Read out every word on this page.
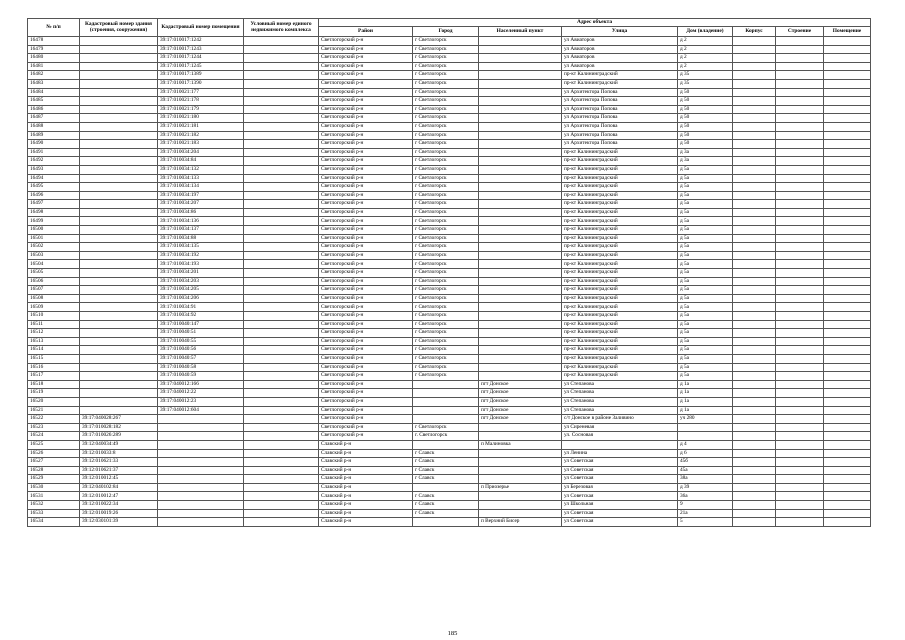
№ п/п	Кадастровый номер здания (строения, сооружения)	Кадастровый номер помещения	Условный номер единого недвижимого комплекса	Адрес объекта							
				Район	Город	Населенный пункт	Улица	Дом (владение)	Корпус	Строение	Помещение
16478		39:17:010017:1242		Светлогорский р-н	г Светлогорск		ул Авиаторов	д 2			
16479		39:17:010017:1243		Светлогорский р-н	г Светлогорск		ул Авиаторов	д 2			
16480		39:17:010017:1244		Светлогорский р-н	г Светлогорск		ул Авиаторов	д 2			
16481		39:17:010017:1245		Светлогорский р-н	г Светлогорск		ул Авиаторов	д 2			
16482		39:17:010017:1389		Светлогорский р-н	г Светлогорск		пр-кт Калининградский	д 35			
16483		39:17:010017:1390		Светлогорский р-н	г Светлогорск		пр-кт Калининградский	д 35			
16484		39:17:010021:177		Светлогорский р-н	г Светлогорск		ул Архитектора Попова	д 50			
16485		39:17:010021:178		Светлогорский р-н	г Светлогорск		ул Архитектора Попова	д 50			
16486		39:17:010021:179		Светлогорский р-н	г Светлогорск		ул Архитектора Попова	д 50			
16487		39:17:010021:180		Светлогорский р-н	г Светлогорск		ул Архитектора Попова	д 50			
16488		39:17:010021:181		Светлогорский р-н	г Светлогорск		ул Архитектора Попова	д 50			
16489		39:17:010021:182		Светлогорский р-н	г Светлогорск		ул Архитектора Попова	д 50			
16490		39:17:010021:183		Светлогорский р-н	г Светлогорск		ул Архитектора Попова	д 50			
16491		39:17:010034:204		Светлогорский р-н	г Светлогорск		пр-кт Калининградский	д 3а			
16492		39:17:010034:84		Светлогорский р-н	г Светлогорск		пр-кт Калининградский	д 3а			
16493		39:17:010034:132		Светлогорский р-н	г Светлогорск		пр-кт Калининградский	д 5а			
16494		39:17:010034:133		Светлогорский р-н	г Светлогорск		пр-кт Калининградский	д 5а			
16495		39:17:010034:134		Светлогорский р-н	г Светлогорск		пр-кт Калининградский	д 5а			
16496		39:17:010034:197		Светлогорский р-н	г Светлогорск		пр-кт Калининградский	д 5а			
16497		39:17:010034:207		Светлогорский р-н	г Светлогорск		пр-кт Калининградский	д 5а			
16498		39:17:010034:86		Светлогорский р-н	г Светлогорск		пр-кт Калининградский	д 5а			
16499		39:17:010034:136		Светлогорский р-н	г Светлогорск		пр-кт Калининградский	д 5а			
16500		39:17:010034:137		Светлогорский р-н	г Светлогорск		пр-кт Калининградский	д 5а			
16501		39:17:010034:88		Светлогорский р-н	г Светлогорск		пр-кт Калининградский	д 5а			
16502		39:17:010034:135		Светлогорский р-н	г Светлогорск		пр-кт Калининградский	д 5а			
16503		39:17:010034:192		Светлогорский р-н	г Светлогорск		пр-кт Калининградский	д 5а			
16504		39:17:010034:193		Светлогорский р-н	г Светлогорск		пр-кт Калининградский	д 5а			
16505		39:17:010034:201		Светлогорский р-н	г Светлогорск		пр-кт Калининградский	д 5а			
16506		39:17:010034:203		Светлогорский р-н	г Светлогорск		пр-кт Калининградский	д 5а			
16507		39:17:010034:205		Светлогорский р-н	г Светлогорск		пр-кт Калининградский	д 5а			
16508		39:17:010034:206		Светлогорский р-н	г Светлогорск		пр-кт Калининградский	д 5а			
16509		39:17:010034:91		Светлогорский р-н	г Светлогорск		пр-кт Калининградский	д 5а			
16510		39:17:010034:92		Светлогорский р-н	г Светлогорск		пр-кт Калининградский	д 5а			
16511		39:17:010040:147		Светлогорский р-н	г Светлогорск		пр-кт Калининградский	д 5а			
16512		39:17:010040:51		Светлогорский р-н	г Светлогорск		пр-кт Калининградский	д 5а			
16513		39:17:010040:55		Светлогорский р-н	г Светлогорск		пр-кт Калининградский	д 5а			
16514		39:17:010040:56		Светлогорский р-н	г Светлогорск		пр-кт Калининградский	д 5а			
16515		39:17:010040:57		Светлогорский р-н	г Светлогорск		пр-кт Калининградский	д 5а			
16516		39:17:010040:58		Светлогорский р-н	г Светлогорск		пр-кт Калининградский	д 5а			
16517		39:17:010040:59		Светлогорский р-н	г Светлогорск		пр-кт Калининградский	д 5а			
16518		39:17:040012:166		Светлогорский р-н		пгт Донское	ул Степанова	д 1а			
16519		39:17:040012:22		Светлогорский р-н		пгт Донское	ул Степанова	д 1а			
16520		39:17:040012:23		Светлогорский р-н		пгт Донское	ул Степанова	д 1а			
16521		39:17:040012:604		Светлогорский р-н		пгт Донское	ул Степанова	д 1а			
16522	39:17:040028:267			Светлогорский р-н		пгт Донское	с/т Донское в районе Заливино	уч 280			
16523	39:17:010028:182			Светлогорский р-н	г Светлогорск		ул Сиреневая				
16524	39:17:010026:289			Светлогорский р-н	г. Светлогорск		ул. Сосновая				
16525	39:12:040034:49			Славский р-н		п Малиновка		д 4			
16526	39:12:010033:8			Славский р-н	г Славск		ул Ленина	д 6			
16527	39:12:010621:33			Славский р-н	г Славск		ул Советская	45б			
16528	39:12:010621:37			Славский р-н	г Славск		ул Советская	45а			
16529	39:12:010012:45			Славский р-н	г Славск		ул Советская	38а			
16530	39:12:040102:84			Славский р-н		п Приозерье	ул Березовая	д 39			
16531	39:12:010012:47			Славский р-н	г Славск		ул Советская	36а			
16532	39:12:010022:34			Славский р-н	г Славск		ул Школьная	9			
16533	39:12:010019:26			Славский р-н	г Славск		ул Советская	21а			
16534	39:12:030101:39			Славский р-н		п Верхний Бисер	ул Советская	5			
185
